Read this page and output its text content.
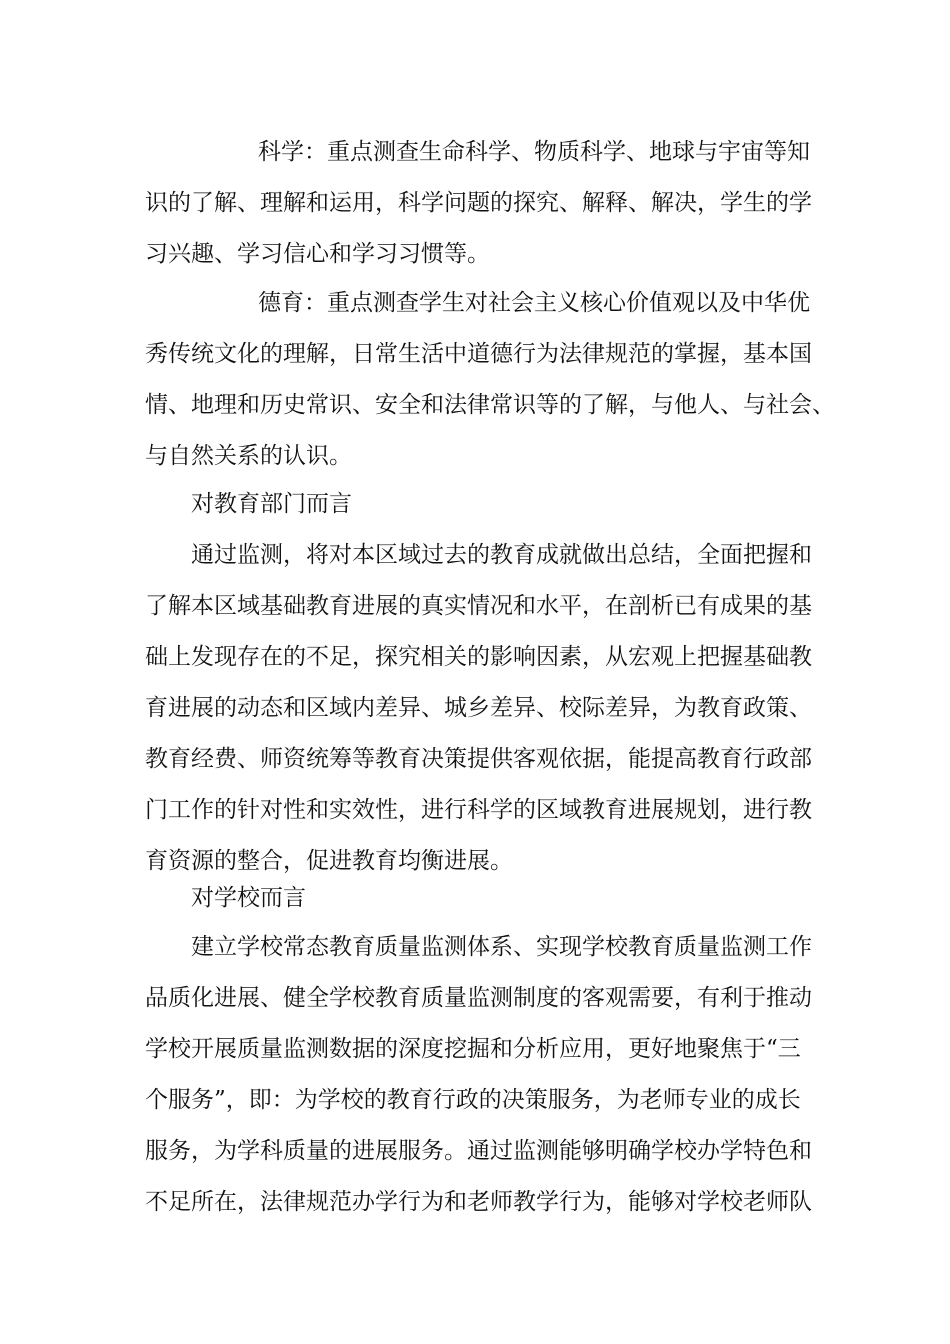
科学：重点测查生命科学、物质科学、地球与宇宙等知
识的了解、理解和运用，科学问题的探究、解释、解决，学生的学
习兴趣、学习信心和学习习惯等。
德育：重点测查学生对社会主义核心价值观以及中华优
秀传统文化的理解，日常生活中道德行为法律规范的掌握，基本国
情、地理和历史常识、安全和法律常识等的了解，与他人、与社会、
与自然关系的认识。
对教育部门而言
通过监测，将对本区域过去的教育成就做出总结，全面把握和
了解本区域基础教育进展的真实情况和水平，在剖析已有成果的基
础上发现存在的不足，探究相关的影响因素，从宏观上把握基础教
育进展的动态和区域内差异、城乡差异、校际差异，为教育政策、
教育经费、师资统筹等教育决策提供客观依据，能提高教育行政部
门工作的针对性和实效性，进行科学的区域教育进展规划，进行教
育资源的整合，促进教育均衡进展。
对学校而言
建立学校常态教育质量监测体系、实现学校教育质量监测工作
品质化进展、健全学校教育质量监测制度的客观需要，有利于推动
学校开展质量监测数据的深度挖掘和分析应用，更好地聚焦于“三
个服务”，即：为学校的教育行政的决策服务，为老师专业的成长
服务，为学科质量的进展服务。通过监测能够明确学校办学特色和
不足所在，法律规范办学行为和老师教学行为，能够对学校老师队
